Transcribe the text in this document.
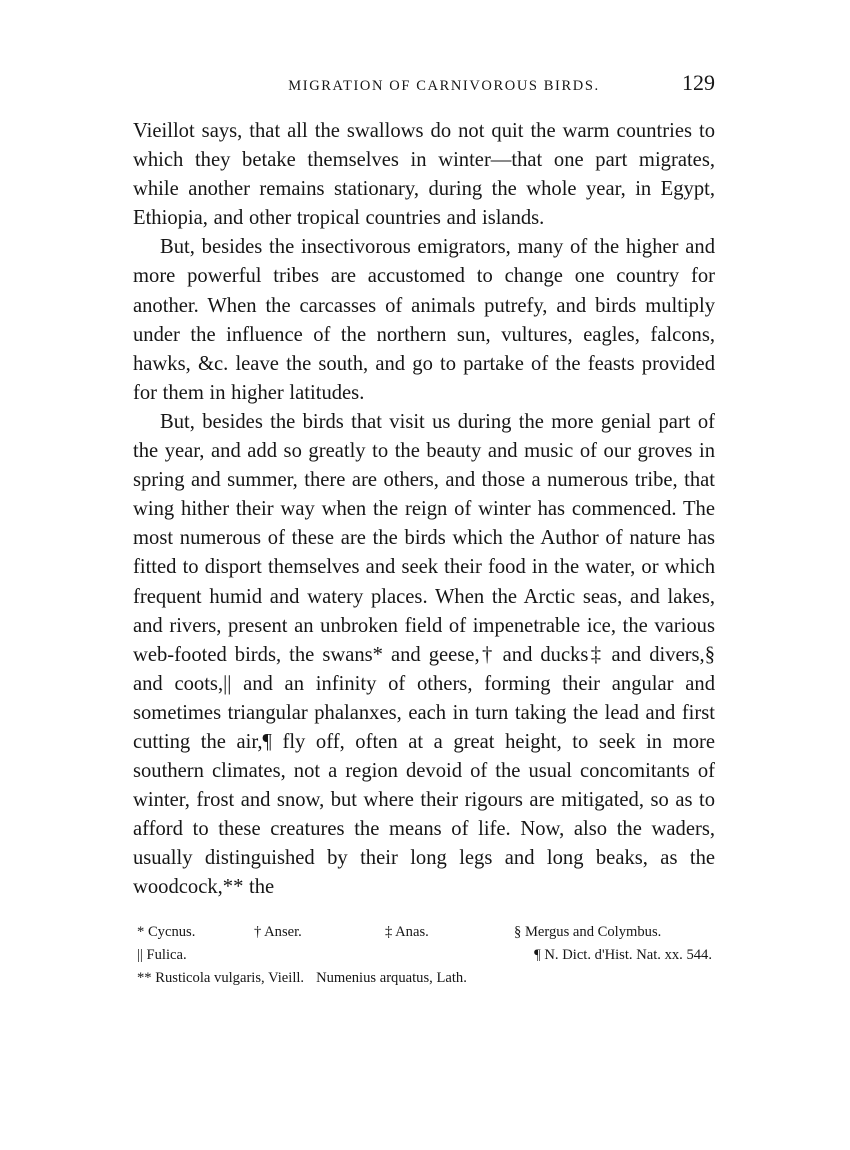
MIGRATION OF CARNIVOROUS BIRDS.	129

Vieillot says, that all the swallows do not quit the warm countries to which they betake themselves in winter—that one part migrates, while another remains stationary, during the whole year, in Egypt, Ethiopia, and other tropical countries and islands.

But, besides the insectivorous emigrators, many of the higher and more powerful tribes are accustomed to change one country for another. When the carcasses of animals putrefy, and birds multiply under the influence of the northern sun, vultures, eagles, falcons, hawks, &c. leave the south, and go to partake of the feasts provided for them in higher latitudes.

But, besides the birds that visit us during the more genial part of the year, and add so greatly to the beauty and music of our groves in spring and summer, there are others, and those a numerous tribe, that wing hither their way when the reign of winter has commenced. The most numerous of these are the birds which the Author of nature has fitted to disport themselves and seek their food in the water, or which frequent humid and watery places. When the Arctic seas, and lakes, and rivers, present an unbroken field of impenetrable ice, the various web-footed birds, the swans* and geese,† and ducks‡ and divers,§ and coots,|| and an infinity of others, forming their angular and sometimes triangular phalanxes, each in turn taking the lead and first cutting the air,¶ fly off, often at a great height, to seek in more southern climates, not a region devoid of the usual concomitants of winter, frost and snow, but where their rigours are mitigated, so as to afford to these creatures the means of life. Now, also the waders, usually distinguished by their long legs and long beaks, as the woodcock,** the

* Cycnus.	† Anser.	‡ Anas.	§ Mergus and Colymbus.
|| Fulica.	¶ N. Dict. d'Hist. Nat. xx. 544.
** Rusticola vulgaris, Vieill. Numenius arquatus, Lath.
